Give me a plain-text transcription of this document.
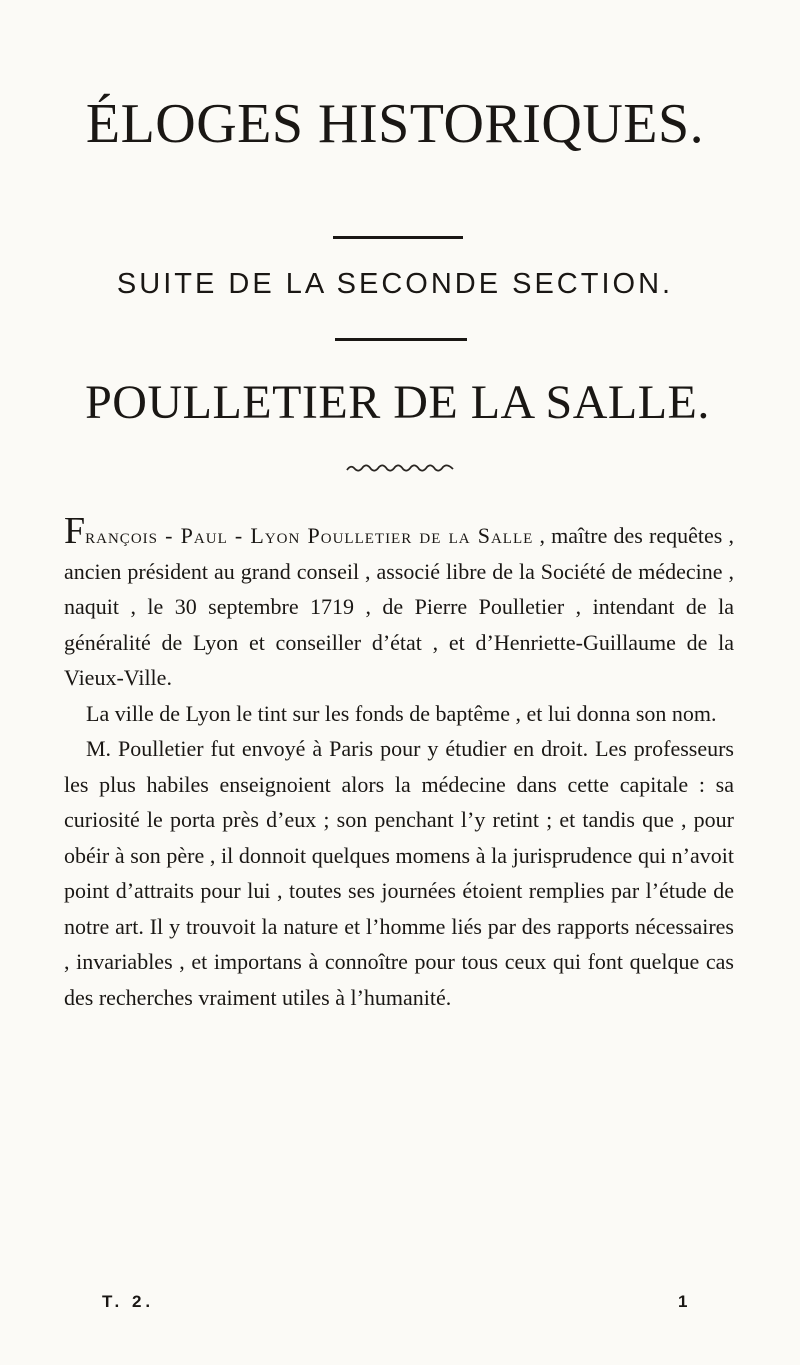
ÉLOGES HISTORIQUES.
SUITE DE LA SECONDE SECTION.
POULLETIER DE LA SALLE.

François - Paul - Lyon Poulletier de la Salle , maître des requêtes , ancien président au grand conseil , associé libre de la Société de médecine , naquit , le 30 septembre 1719 , de Pierre Poulletier , intendant de la généralité de Lyon et conseiller d’état , et d’Henriette-Guillaume de la Vieux-Ville.

La ville de Lyon le tint sur les fonds de baptême , et lui donna son nom.

M. Poulletier fut envoyé à Paris pour y étudier en droit. Les professeurs les plus habiles enseignoient alors la médecine dans cette capitale : sa curiosité le porta près d’eux ; son penchant l’y retint ; et tandis que , pour obéir à son père , il donnoit quelques momens à la jurisprudence qui n’avoit point d’attraits pour lui , toutes ses journées étoient remplies par l’étude de notre art. Il y trouvoit la nature et l’homme liés par des rapports nécessaires , invariables , et importans à connoître pour tous ceux qui font quelque cas des recherches vraiment utiles à l’humanité.

T. 2.	1
